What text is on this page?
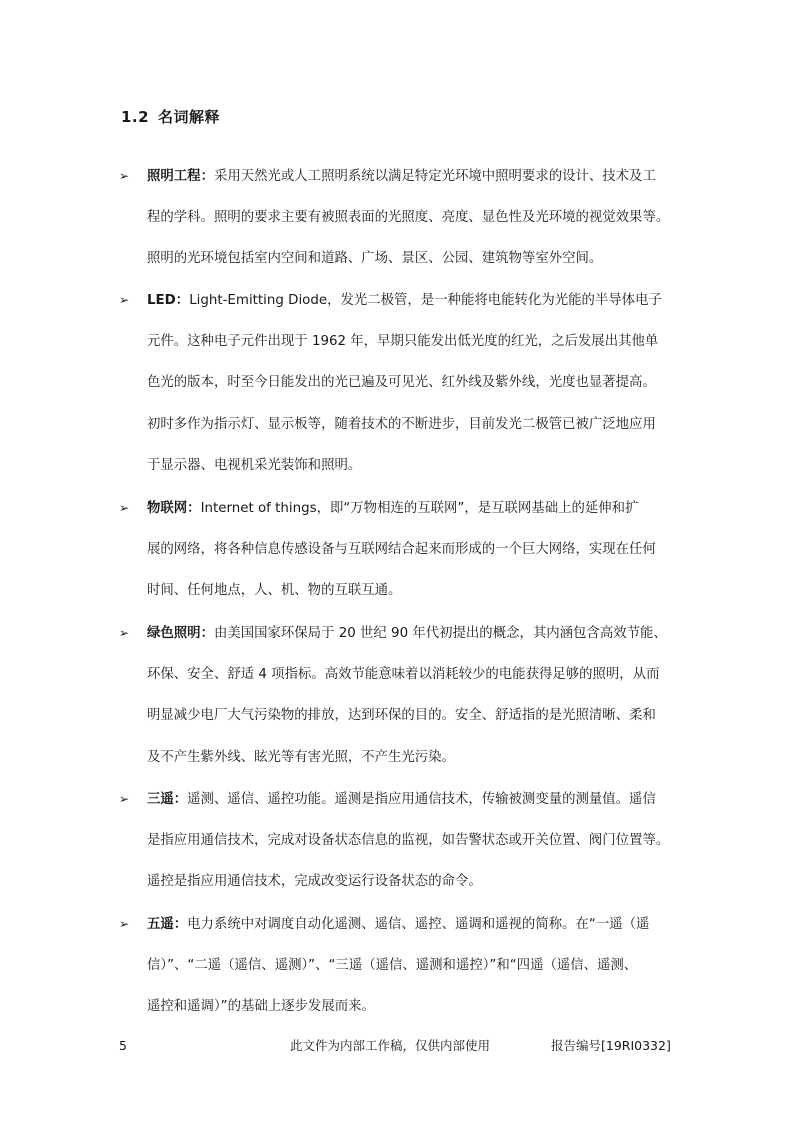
1.2 名词解释
➢	照明工程：采用天然光或人工照明系统以满足特定光环境中照明要求的设计、技术及工
程的学科。照明的要求主要有被照表面的光照度、亮度、显色性及光环境的视觉效果等。
照明的光环境包括室内空间和道路、广场、景区、公园、建筑物等室外空间。
➢	LED：Light-Emitting Diode，发光二极管，是一种能将电能转化为光能的半导体电子
元件。这种电子元件出现于 1962 年，早期只能发出低光度的红光，之后发展出其他单
色光的版本，时至今日能发出的光已遍及可见光、红外线及紫外线，光度也显著提高。
初时多作为指示灯、显示板等，随着技术的不断进步，目前发光二极管已被广泛地应用
于显示器、电视机采光装饰和照明。
➢	物联网：Internet of things，即“万物相连的互联网”，是互联网基础上的延伸和扩
展的网络，将各种信息传感设备与互联网结合起来而形成的一个巨大网络，实现在任何
时间、任何地点，人、机、物的互联互通。
➢	绿色照明：由美国国家环保局于 20 世纪 90 年代初提出的概念，其内涵包含高效节能、
环保、安全、舒适 4 项指标。高效节能意味着以消耗较少的电能获得足够的照明，从而
明显减少电厂大气污染物的排放，达到环保的目的。安全、舒适指的是光照清晰、柔和
及不产生紫外线、眩光等有害光照，不产生光污染。
➢	三遥：遥测、遥信、遥控功能。遥测是指应用通信技术，传输被测变量的测量值。遥信
是指应用通信技术，完成对设备状态信息的监视，如告警状态或开关位置、阀门位置等。
遥控是指应用通信技术，完成改变运行设备状态的命令。
➢	五遥：电力系统中对调度自动化遥测、遥信、遥控、遥调和遥视的简称。在“一遥（遥
信）”、“二遥（遥信、遥测）”、“三遥（遥信、遥测和遥控）”和“四遥（遥信、遥测、
遥控和遥调）”的基础上逐步发展而来。
5	此文件为内部工作稿，仅供内部使用	报告编号[19RI0332]
